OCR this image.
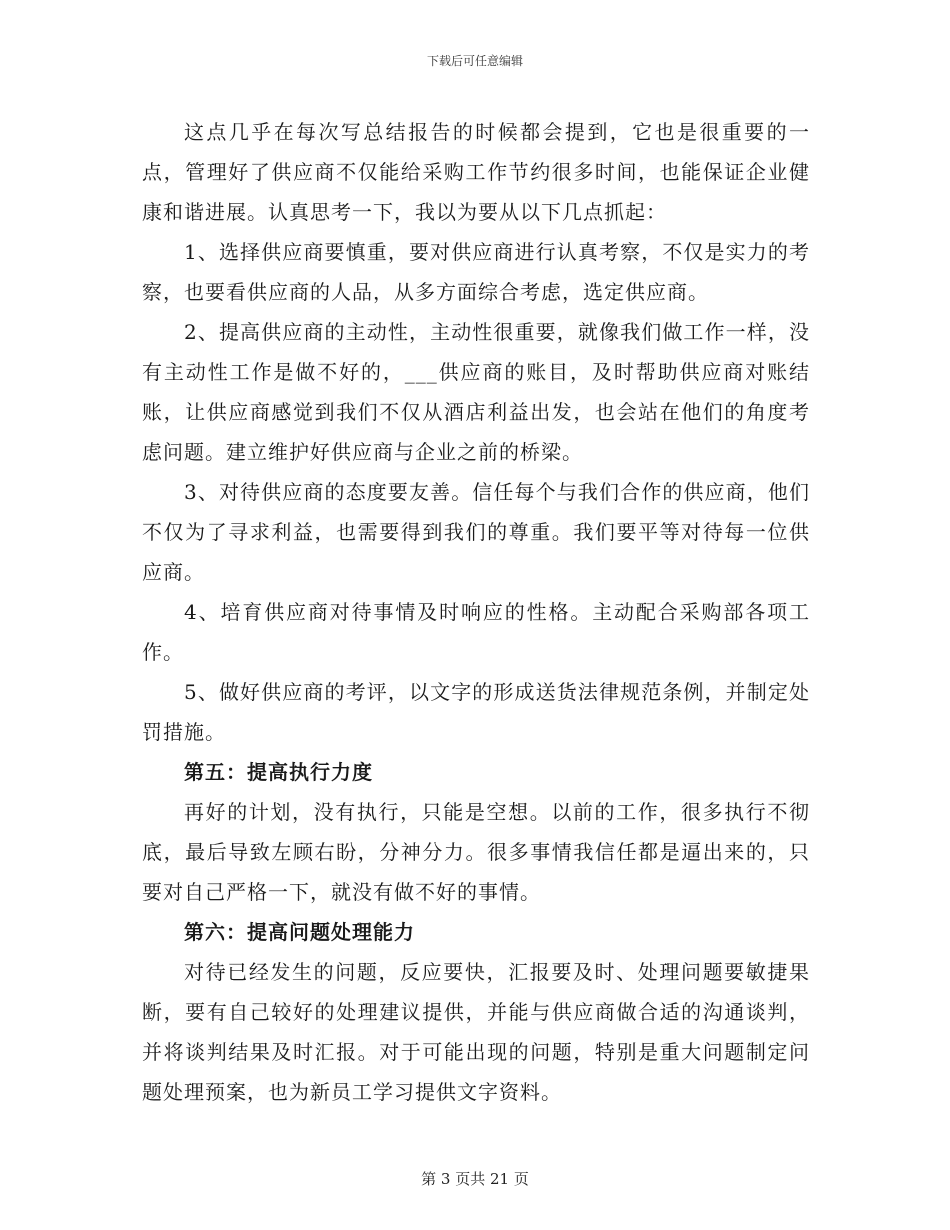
下载后可任意编辑

这点几乎在每次写总结报告的时候都会提到，它也是很重要的一点，管理好了供应商不仅能给采购工作节约很多时间，也能保证企业健康和谐进展。认真思考一下，我以为要从以下几点抓起：

1、选择供应商要慎重，要对供应商进行认真考察，不仅是实力的考察，也要看供应商的人品，从多方面综合考虑，选定供应商。

2、提高供应商的主动性，主动性很重要，就像我们做工作一样，没有主动性工作是做不好的，___供应商的账目，及时帮助供应商对账结账，让供应商感觉到我们不仅从酒店利益出发，也会站在他们的角度考虑问题。建立维护好供应商与企业之前的桥梁。

3、对待供应商的态度要友善。信任每个与我们合作的供应商，他们不仅为了寻求利益，也需要得到我们的尊重。我们要平等对待每一位供应商。

4、培育供应商对待事情及时响应的性格。主动配合采购部各项工作。

5、做好供应商的考评，以文字的形成送货法律规范条例，并制定处罚措施。

第五：提高执行力度

再好的计划，没有执行，只能是空想。以前的工作，很多执行不彻底，最后导致左顾右盼，分神分力。很多事情我信任都是逼出来的，只要对自己严格一下，就没有做不好的事情。

第六：提高问题处理能力

对待已经发生的问题，反应要快，汇报要及时、处理问题要敏捷果断，要有自己较好的处理建议提供，并能与供应商做合适的沟通谈判，并将谈判结果及时汇报。对于可能出现的问题，特别是重大问题制定问题处理预案，也为新员工学习提供文字资料。

第 3 页共 21 页
